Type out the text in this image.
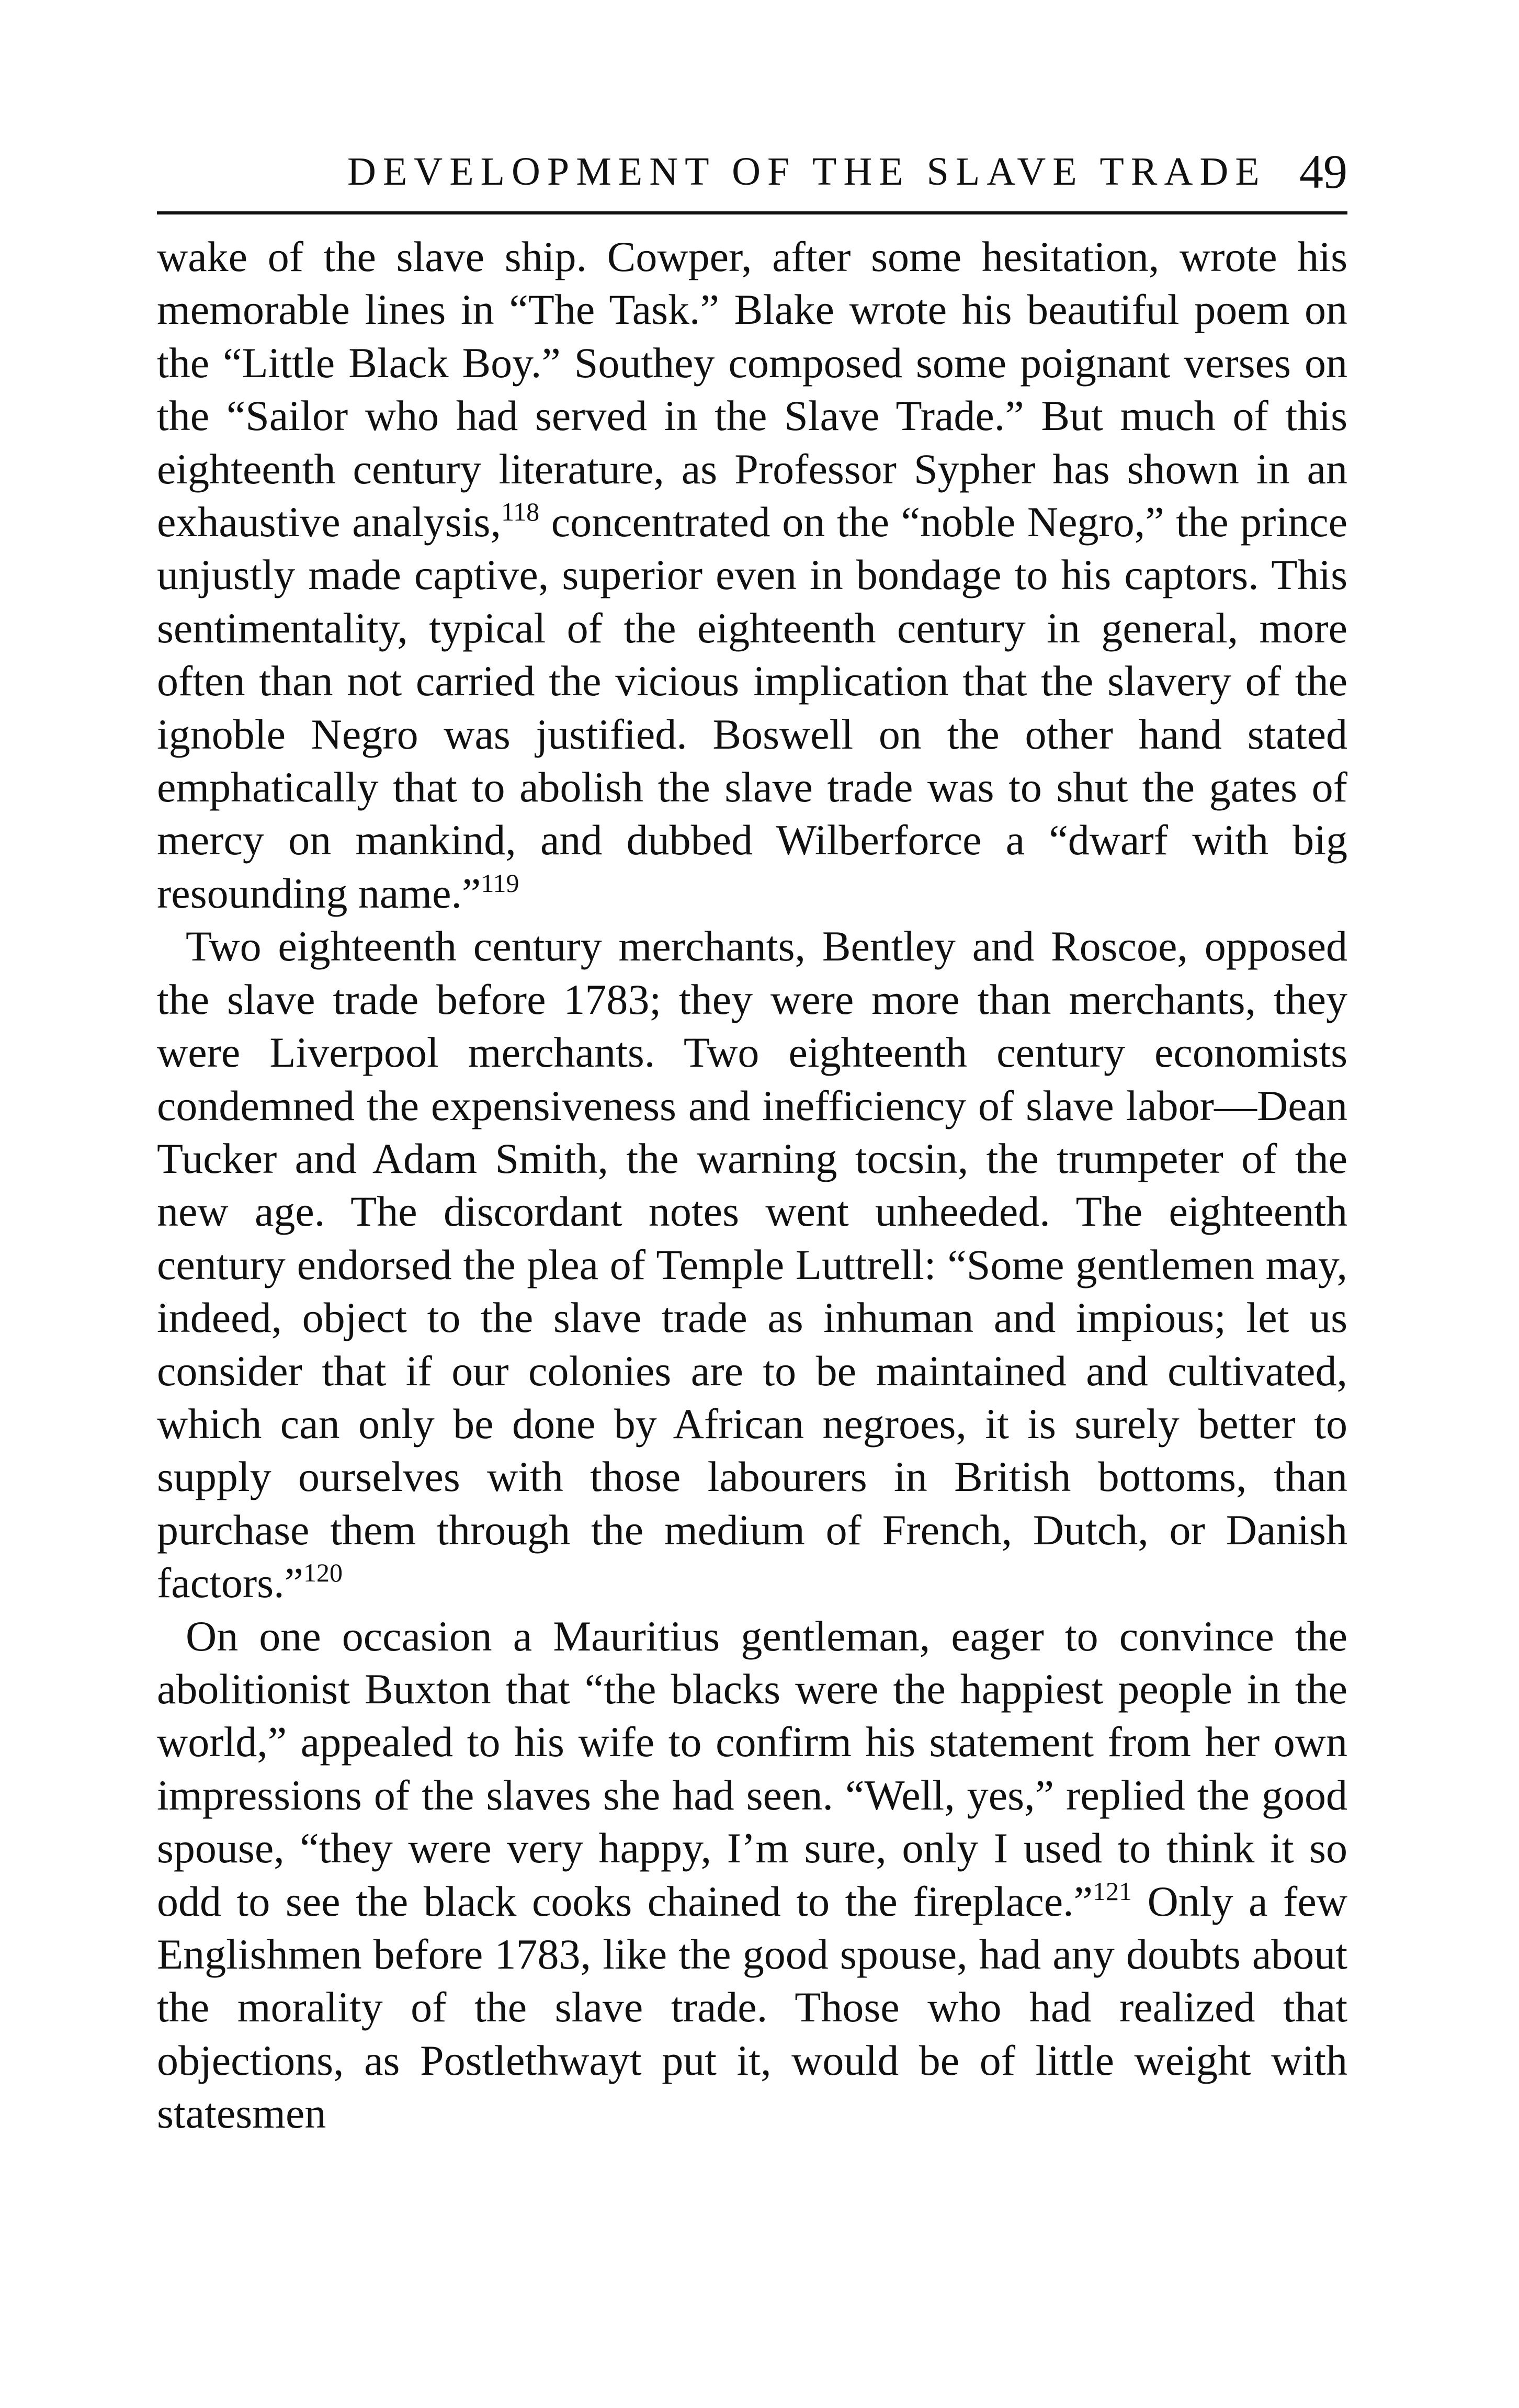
DEVELOPMENT OF THE SLAVE TRADE 49

wake of the slave ship. Cowper, after some hesitation, wrote his memorable lines in “The Task.” Blake wrote his beautiful poem on the “Little Black Boy.” Southey composed some poignant verses on the “Sailor who had served in the Slave Trade.” But much of this eighteenth century literature, as Professor Sypher has shown in an exhaustive analysis,$^{118}$ concentrated on the “noble Negro,” the prince unjustly made captive, superior even in bondage to his captors. This sentimentality, typical of the eighteenth century in general, more often than not carried the vicious implication that the slavery of the ignoble Negro was justified. Boswell on the other hand stated emphatically that to abolish the slave trade was to shut the gates of mercy on mankind, and dubbed Wilberforce a “dwarf with big resounding name.”$^{119}$

Two eighteenth century merchants, Bentley and Roscoe, opposed the slave trade before 1783; they were more than merchants, they were Liverpool merchants. Two eighteenth century economists condemned the expensiveness and inefficiency of slave labor—Dean Tucker and Adam Smith, the warning tocsin, the trumpeter of the new age. The discordant notes went unheeded. The eighteenth century endorsed the plea of Temple Luttrell: “Some gentlemen may, indeed, object to the slave trade as inhuman and impious; let us consider that if our colonies are to be maintained and cultivated, which can only be done by African negroes, it is surely better to supply ourselves with those labourers in British bottoms, than purchase them through the medium of French, Dutch, or Danish factors.”$^{120}$

On one occasion a Mauritius gentleman, eager to convince the abolitionist Buxton that “the blacks were the happiest people in the world,” appealed to his wife to confirm his statement from her own impressions of the slaves she had seen. “Well, yes,” replied the good spouse, “they were very happy, I’m sure, only I used to think it so odd to see the black cooks chained to the fireplace.”$^{121}$ Only a few Englishmen before 1783, like the good spouse, had any doubts about the morality of the slave trade. Those who had realized that objections, as Postlethwayt put it, would be of little weight with statesmen
